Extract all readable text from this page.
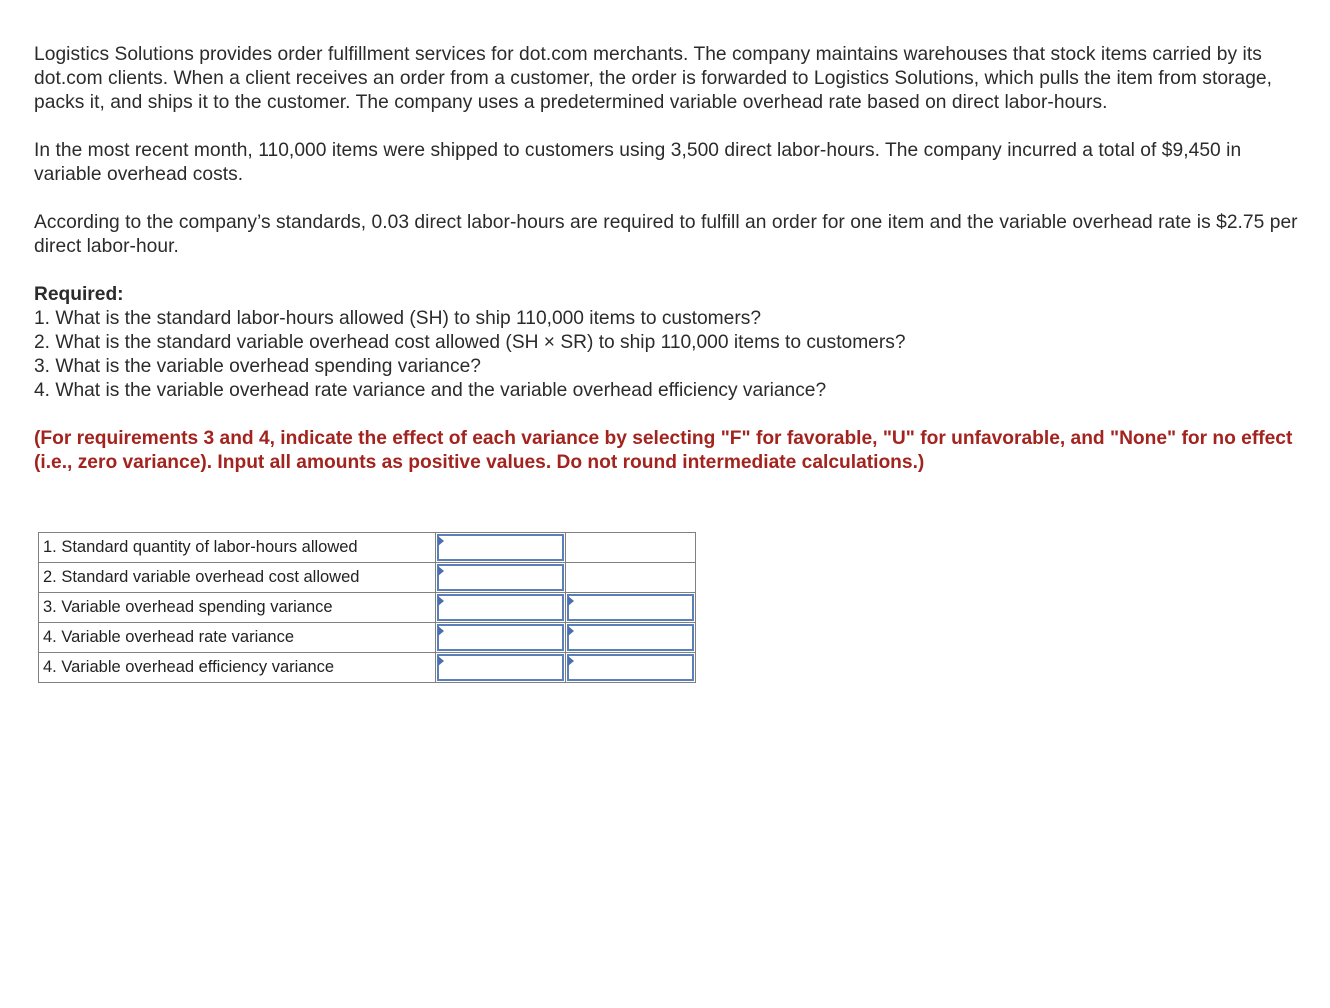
Logistics Solutions provides order fulfillment services for dot.com merchants. The company maintains warehouses that stock items carried by its dot.com clients. When a client receives an order from a customer, the order is forwarded to Logistics Solutions, which pulls the item from storage, packs it, and ships it to the customer. The company uses a predetermined variable overhead rate based on direct labor-hours.

In the most recent month, 110,000 items were shipped to customers using 3,500 direct labor-hours. The company incurred a total of $9,450 in variable overhead costs.

According to the company’s standards, 0.03 direct labor-hours are required to fulfill an order for one item and the variable overhead rate is $2.75 per direct labor-hour.

Required:
1. What is the standard labor-hours allowed (SH) to ship 110,000 items to customers?
2. What is the standard variable overhead cost allowed (SH × SR) to ship 110,000 items to customers?
3. What is the variable overhead spending variance?
4. What is the variable overhead rate variance and the variable overhead efficiency variance?

(For requirements 3 and 4, indicate the effect of each variance by selecting "F" for favorable, "U" for unfavorable, and "None" for no effect (i.e., zero variance). Input all amounts as positive values. Do not round intermediate calculations.)

1. Standard quantity of labor-hours allowed	

2. Standard variable overhead cost allowed	

3. Variable overhead spending variance	

4. Variable overhead rate variance	

4. Variable overhead efficiency variance	
